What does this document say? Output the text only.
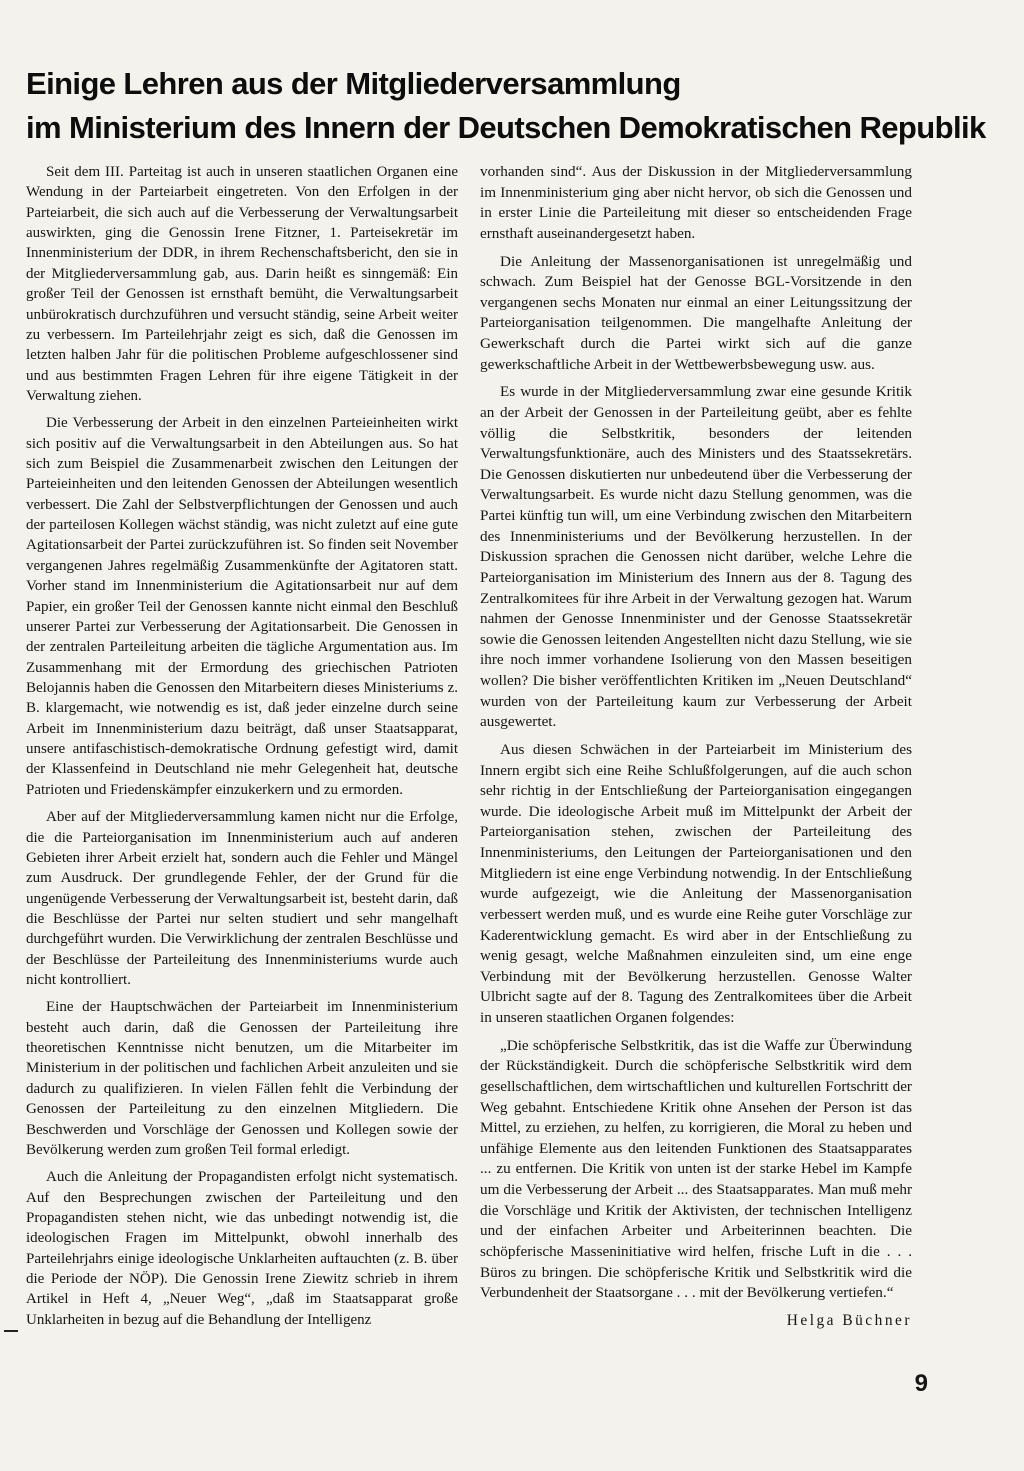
Einige Lehren aus der Mitgliederversammlung
im Ministerium des Innern der Deutschen Demokratischen Republik

Seit dem III. Parteitag ist auch in unseren staatlichen Organen eine Wendung in der Parteiarbeit eingetreten. Von den Erfolgen in der Parteiarbeit, die sich auch auf die Verbesserung der Verwaltungsarbeit auswirkten, ging die Genossin Irene Fitzner, 1. Parteisekretär im Innenministerium der DDR, in ihrem Rechenschaftsbericht, den sie in der Mitgliederversammlung gab, aus. Darin heißt es sinngemäß: Ein großer Teil der Genossen ist ernsthaft bemüht, die Verwaltungsarbeit unbürokratisch durchzuführen und versucht ständig, seine Arbeit weiter zu verbessern. Im Parteilehrjahr zeigt es sich, daß die Genossen im letzten halben Jahr für die politischen Probleme aufgeschlossener sind und aus bestimmten Fragen Lehren für ihre eigene Tätigkeit in der Verwaltung ziehen.

Die Verbesserung der Arbeit in den einzelnen Parteieinheiten wirkt sich positiv auf die Verwaltungsarbeit in den Abteilungen aus. So hat sich zum Beispiel die Zusammenarbeit zwischen den Leitungen der Parteieinheiten und den leitenden Genossen der Abteilungen wesentlich verbessert. Die Zahl der Selbstverpflichtungen der Genossen und auch der parteilosen Kollegen wächst ständig, was nicht zuletzt auf eine gute Agitationsarbeit der Partei zurückzuführen ist. So finden seit November vergangenen Jahres regelmäßig Zusammenkünfte der Agitatoren statt. Vorher stand im Innenministerium die Agitationsarbeit nur auf dem Papier, ein großer Teil der Genossen kannte nicht einmal den Beschluß unserer Partei zur Verbesserung der Agitationsarbeit. Die Genossen in der zentralen Parteileitung arbeiten die tägliche Argumentation aus. Im Zusammenhang mit der Ermordung des griechischen Patrioten Belojannis haben die Genossen den Mitarbeitern dieses Ministeriums z. B. klargemacht, wie notwendig es ist, daß jeder einzelne durch seine Arbeit im Innenministerium dazu beiträgt, daß unser Staatsapparat, unsere antifaschistisch-demokratische Ordnung gefestigt wird, damit der Klassenfeind in Deutschland nie mehr Gelegenheit hat, deutsche Patrioten und Friedenskämpfer einzukerkern und zu ermorden.

Aber auf der Mitgliederversammlung kamen nicht nur die Erfolge, die die Parteiorganisation im Innenministerium auch auf anderen Gebieten ihrer Arbeit erzielt hat, sondern auch die Fehler und Mängel zum Ausdruck. Der grundlegende Fehler, der der Grund für die ungenügende Verbesserung der Verwaltungsarbeit ist, besteht darin, daß die Beschlüsse der Partei nur selten studiert und sehr mangelhaft durchgeführt wurden. Die Verwirklichung der zentralen Beschlüsse und der Beschlüsse der Parteileitung des Innenministeriums wurde auch nicht kontrolliert.

Eine der Hauptschwächen der Parteiarbeit im Innenministerium besteht auch darin, daß die Genossen der Parteileitung ihre theoretischen Kenntnisse nicht benutzen, um die Mitarbeiter im Ministerium in der politischen und fachlichen Arbeit anzuleiten und sie dadurch zu qualifizieren. In vielen Fällen fehlt die Verbindung der Genossen der Parteileitung zu den einzelnen Mitgliedern. Die Beschwerden und Vorschläge der Genossen und Kollegen sowie der Bevölkerung werden zum großen Teil formal erledigt.

Auch die Anleitung der Propagandisten erfolgt nicht systematisch. Auf den Besprechungen zwischen der Parteileitung und den Propagandisten stehen nicht, wie das unbedingt notwendig ist, die ideologischen Fragen im Mittelpunkt, obwohl innerhalb des Parteilehrjahrs einige ideologische Unklarheiten auftauchten (z. B. über die Periode der NÖP). Die Genossin Irene Ziewitz schrieb in ihrem Artikel in Heft 4, „Neuer Weg“, „daß im Staatsapparat große Unklarheiten in bezug auf die Behandlung der Intelligenz

vorhanden sind“. Aus der Diskussion in der Mitgliederversammlung im Innenministerium ging aber nicht hervor, ob sich die Genossen und in erster Linie die Parteileitung mit dieser so entscheidenden Frage ernsthaft auseinandergesetzt haben.

Die Anleitung der Massenorganisationen ist unregelmäßig und schwach. Zum Beispiel hat der Genosse BGL-Vorsitzende in den vergangenen sechs Monaten nur einmal an einer Leitungssitzung der Parteiorganisation teilgenommen. Die mangelhafte Anleitung der Gewerkschaft durch die Partei wirkt sich auf die ganze gewerkschaftliche Arbeit in der Wettbewerbsbewegung usw. aus.

Es wurde in der Mitgliederversammlung zwar eine gesunde Kritik an der Arbeit der Genossen in der Parteileitung geübt, aber es fehlte völlig die Selbstkritik, besonders der leitenden Verwaltungsfunktionäre, auch des Ministers und des Staatssekretärs. Die Genossen diskutierten nur unbedeutend über die Verbesserung der Verwaltungsarbeit. Es wurde nicht dazu Stellung genommen, was die Partei künftig tun will, um eine Verbindung zwischen den Mitarbeitern des Innenministeriums und der Bevölkerung herzustellen. In der Diskussion sprachen die Genossen nicht darüber, welche Lehre die Parteiorganisation im Ministerium des Innern aus der 8. Tagung des Zentralkomitees für ihre Arbeit in der Verwaltung gezogen hat. Warum nahmen der Genosse Innenminister und der Genosse Staatssekretär sowie die Genossen leitenden Angestellten nicht dazu Stellung, wie sie ihre noch immer vorhandene Isolierung von den Massen beseitigen wollen? Die bisher veröffentlichten Kritiken im „Neuen Deutschland“ wurden von der Parteileitung kaum zur Verbesserung der Arbeit ausgewertet.

Aus diesen Schwächen in der Parteiarbeit im Ministerium des Innern ergibt sich eine Reihe Schlußfolgerungen, auf die auch schon sehr richtig in der Entschließung der Parteiorganisation eingegangen wurde. Die ideologische Arbeit muß im Mittelpunkt der Arbeit der Parteiorganisation stehen, zwischen der Parteileitung des Innenministeriums, den Leitungen der Parteiorganisationen und den Mitgliedern ist eine enge Verbindung notwendig. In der Entschließung wurde aufgezeigt, wie die Anleitung der Massenorganisation verbessert werden muß, und es wurde eine Reihe guter Vorschläge zur Kaderentwicklung gemacht. Es wird aber in der Entschließung zu wenig gesagt, welche Maßnahmen einzuleiten sind, um eine enge Verbindung mit der Bevölkerung herzustellen. Genosse Walter Ulbricht sagte auf der 8. Tagung des Zentralkomitees über die Arbeit in unseren staatlichen Organen folgendes:

„Die schöpferische Selbstkritik, das ist die Waffe zur Überwindung der Rückständigkeit. Durch die schöpferische Selbstkritik wird dem gesellschaftlichen, dem wirtschaftlichen und kulturellen Fortschritt der Weg gebahnt. Entschiedene Kritik ohne Ansehen der Person ist das Mittel, zu erziehen, zu helfen, zu korrigieren, die Moral zu heben und unfähige Elemente aus den leitenden Funktionen des Staatsapparates ... zu entfernen. Die Kritik von unten ist der starke Hebel im Kampfe um die Verbesserung der Arbeit ... des Staatsapparates. Man muß mehr die Vorschläge und Kritik der Aktivisten, der technischen Intelligenz und der einfachen Arbeiter und Arbeiterinnen beachten. Die schöpferische Masseninitiative wird helfen, frische Luft in die . . . Büros zu bringen. Die schöpferische Kritik und Selbstkritik wird die Verbundenheit der Staatsorgane . . . mit der Bevölkerung vertiefen.“

Helga Büchner

9
